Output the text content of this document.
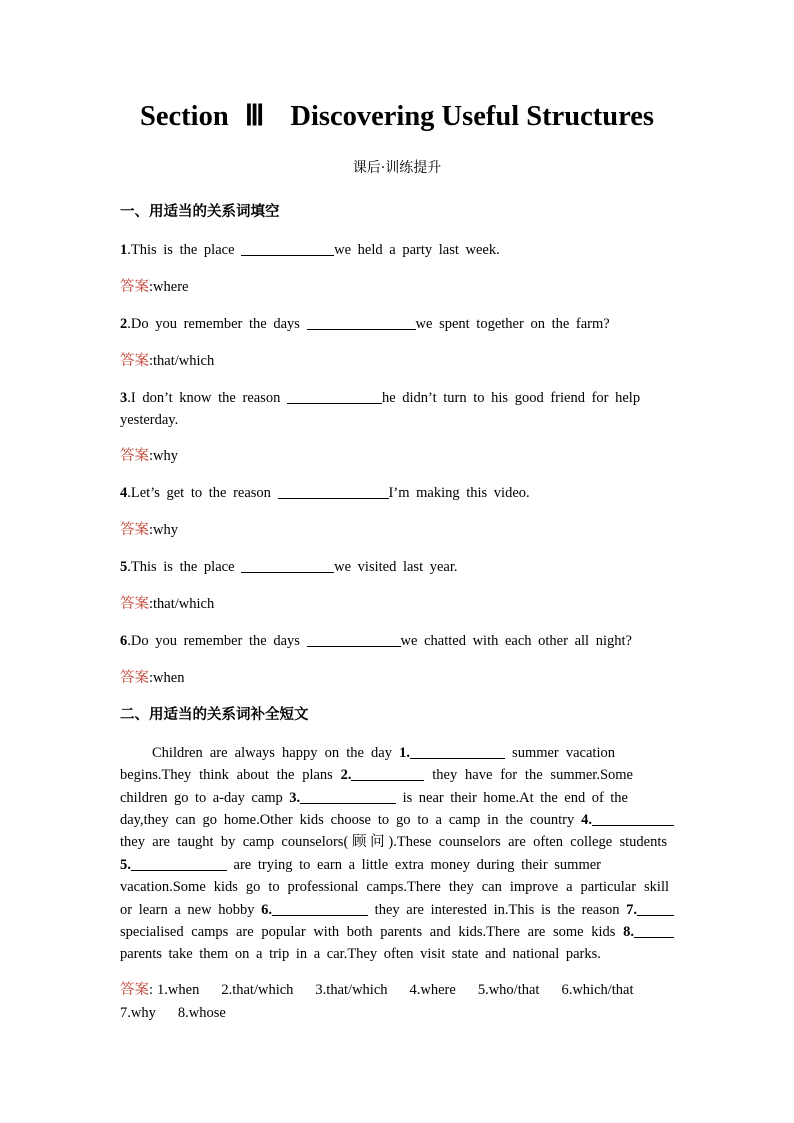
Section Ⅲ Discovering Useful Structures
课后·训练提升
一、用适当的关系词填空
1.This is the place	we held a party last week.
答案:where
2.Do you remember the days	we spent together on the farm?
答案:that/which
3.I don’t know the reason	he didn’t turn to his good friend for help
yesterday.
答案:why
4.Let’s get to the reason	I’m making this video.
答案:why
5.This is the place	we visited last year.
答案:that/which
6.Do you remember the days	we chatted with each other all night?
答案:when
二、用适当的关系词补全短文
Children are always happy on the day 1.	summer vacation
begins.They think about the plans 2.	they have for the summer.Some
children go to a-day camp 3.	is near their home.At the end of the
day,they can go home.Other kids choose to go to a camp in the country 4.
they are taught by camp counselors(顾问).These counselors are often college students
5.	are trying to earn a little extra money during their summer
vacation.Some kids go to professional camps.There they can improve a particular skill
or learn a new hobby 6.	they are interested in.This is the reason 7.
specialised camps are popular with both parents and kids.There are some kids 8.
parents take them on a trip in a car.They often visit state and national parks.
答案: 1.when 2.that/which 3.that/which 4.where 5.who/that 6.which/that
7.why 8.whose
